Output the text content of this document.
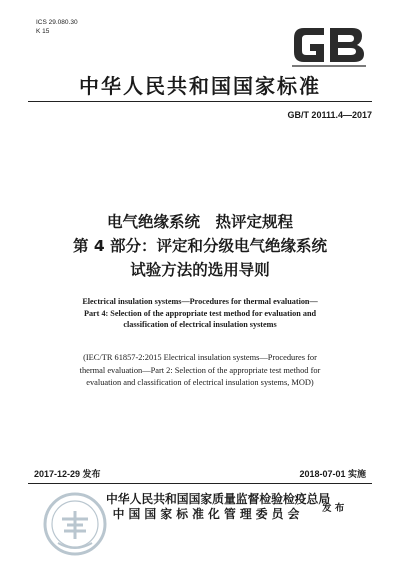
ICS 29.080.30
K 15
中华人民共和国国家标准
GB/T 20111.4—2017
电气绝缘系统　热评定规程
第 4 部分：评定和分级电气绝缘系统
试验方法的选用导则
Electrical insulation systems—Procedures for thermal evaluation—
Part 4: Selection of the appropriate test method for evaluation and
classification of electrical insulation systems
(IEC/TR 61857-2:2015 Electrical insulation systems—Procedures for
thermal evaluation—Part 2: Selection of the appropriate test method for
evaluation and classification of electrical insulation systems, MOD)
2017-12-29 发布	2018-07-01 实施
中华人民共和国国家质量监督检验检疫总局
中 国 国 家 标 准 化 管 理 委 员 会	发 布
